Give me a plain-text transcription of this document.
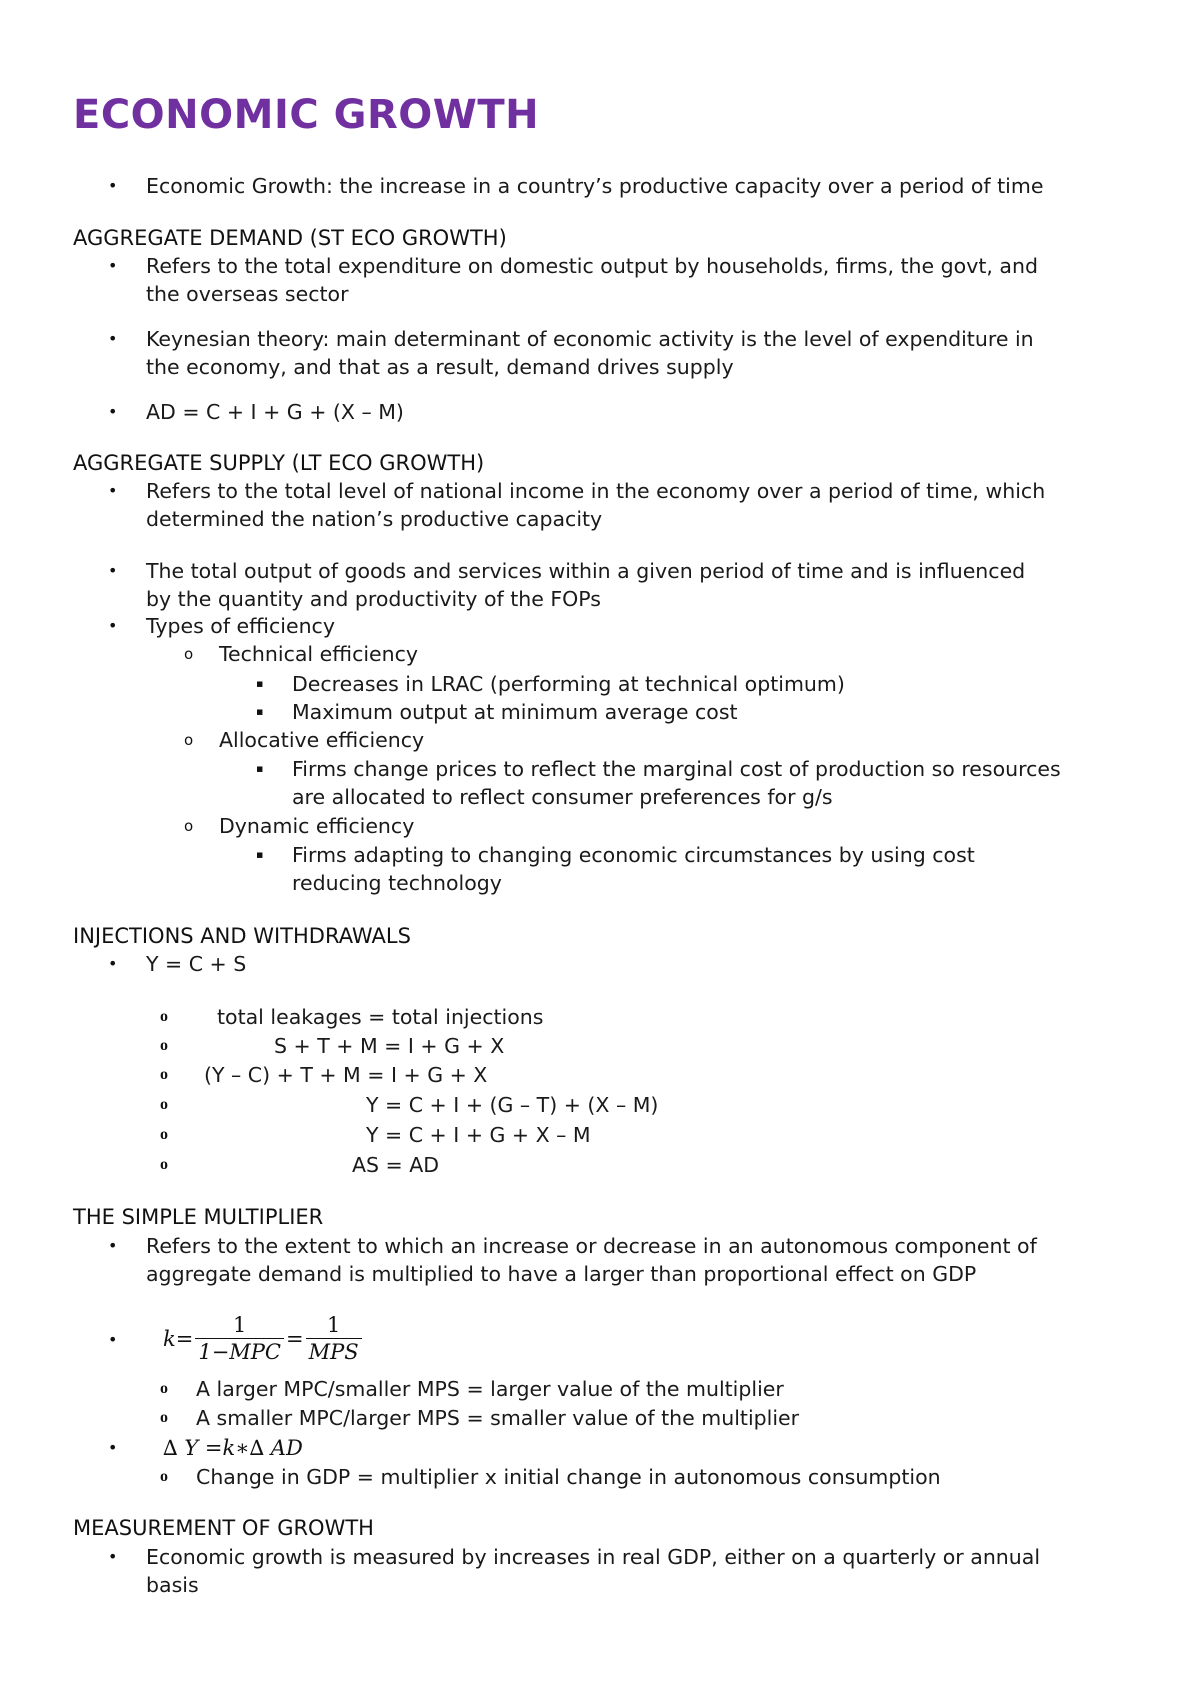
ECONOMIC GROWTH
• Economic Growth: the increase in a country’s productive capacity over a period of time
AGGREGATE DEMAND (ST ECO GROWTH)
• Refers to the total expenditure on domestic output by households, firms, the govt, and
the overseas sector
• Keynesian theory: main determinant of economic activity is the level of expenditure in
the economy, and that as a result, demand drives supply
• AD = C + I + G + (X – M)
AGGREGATE SUPPLY (LT ECO GROWTH)
• Refers to the total level of national income in the economy over a period of time, which
determined the nation’s productive capacity
• The total output of goods and services within a given period of time and is influenced
by the quantity and productivity of the FOPs
• Types of efficiency
o Technical efficiency
▪ Decreases in LRAC (performing at technical optimum)
▪ Maximum output at minimum average cost
o Allocative efficiency
▪ Firms change prices to reflect the marginal cost of production so resources
are allocated to reflect consumer preferences for g/s
o Dynamic efficiency
▪ Firms adapting to changing economic circumstances by using cost
reducing technology
INJECTIONS AND WITHDRAWALS
• Y = C + S
o total leakages = total injections
o	S + T + M = I + G + X
o (Y – C) + T + M = I + G + X
o	Y = C + I + (G – T) + (X – M)
o	Y = C + I + G + X – M
o	AS = AD
THE SIMPLE MULTIPLIER
• Refers to the extent to which an increase or decrease in an autonomous component of
aggregate demand is multiplied to have a larger than proportional effect on GDP
• $k= \frac{1}{\text{1−MPC}} = \frac{1}{\text{MPS}}$
o A larger MPC/smaller MPS = larger value of the multiplier
o A smaller MPC/larger MPS = smaller value of the multiplier
• ∆ Y =k∗∆ AD
o Change in GDP = multiplier x initial change in autonomous consumption
MEASUREMENT OF GROWTH
• Economic growth is measured by increases in real GDP, either on a quarterly or annual
basis
